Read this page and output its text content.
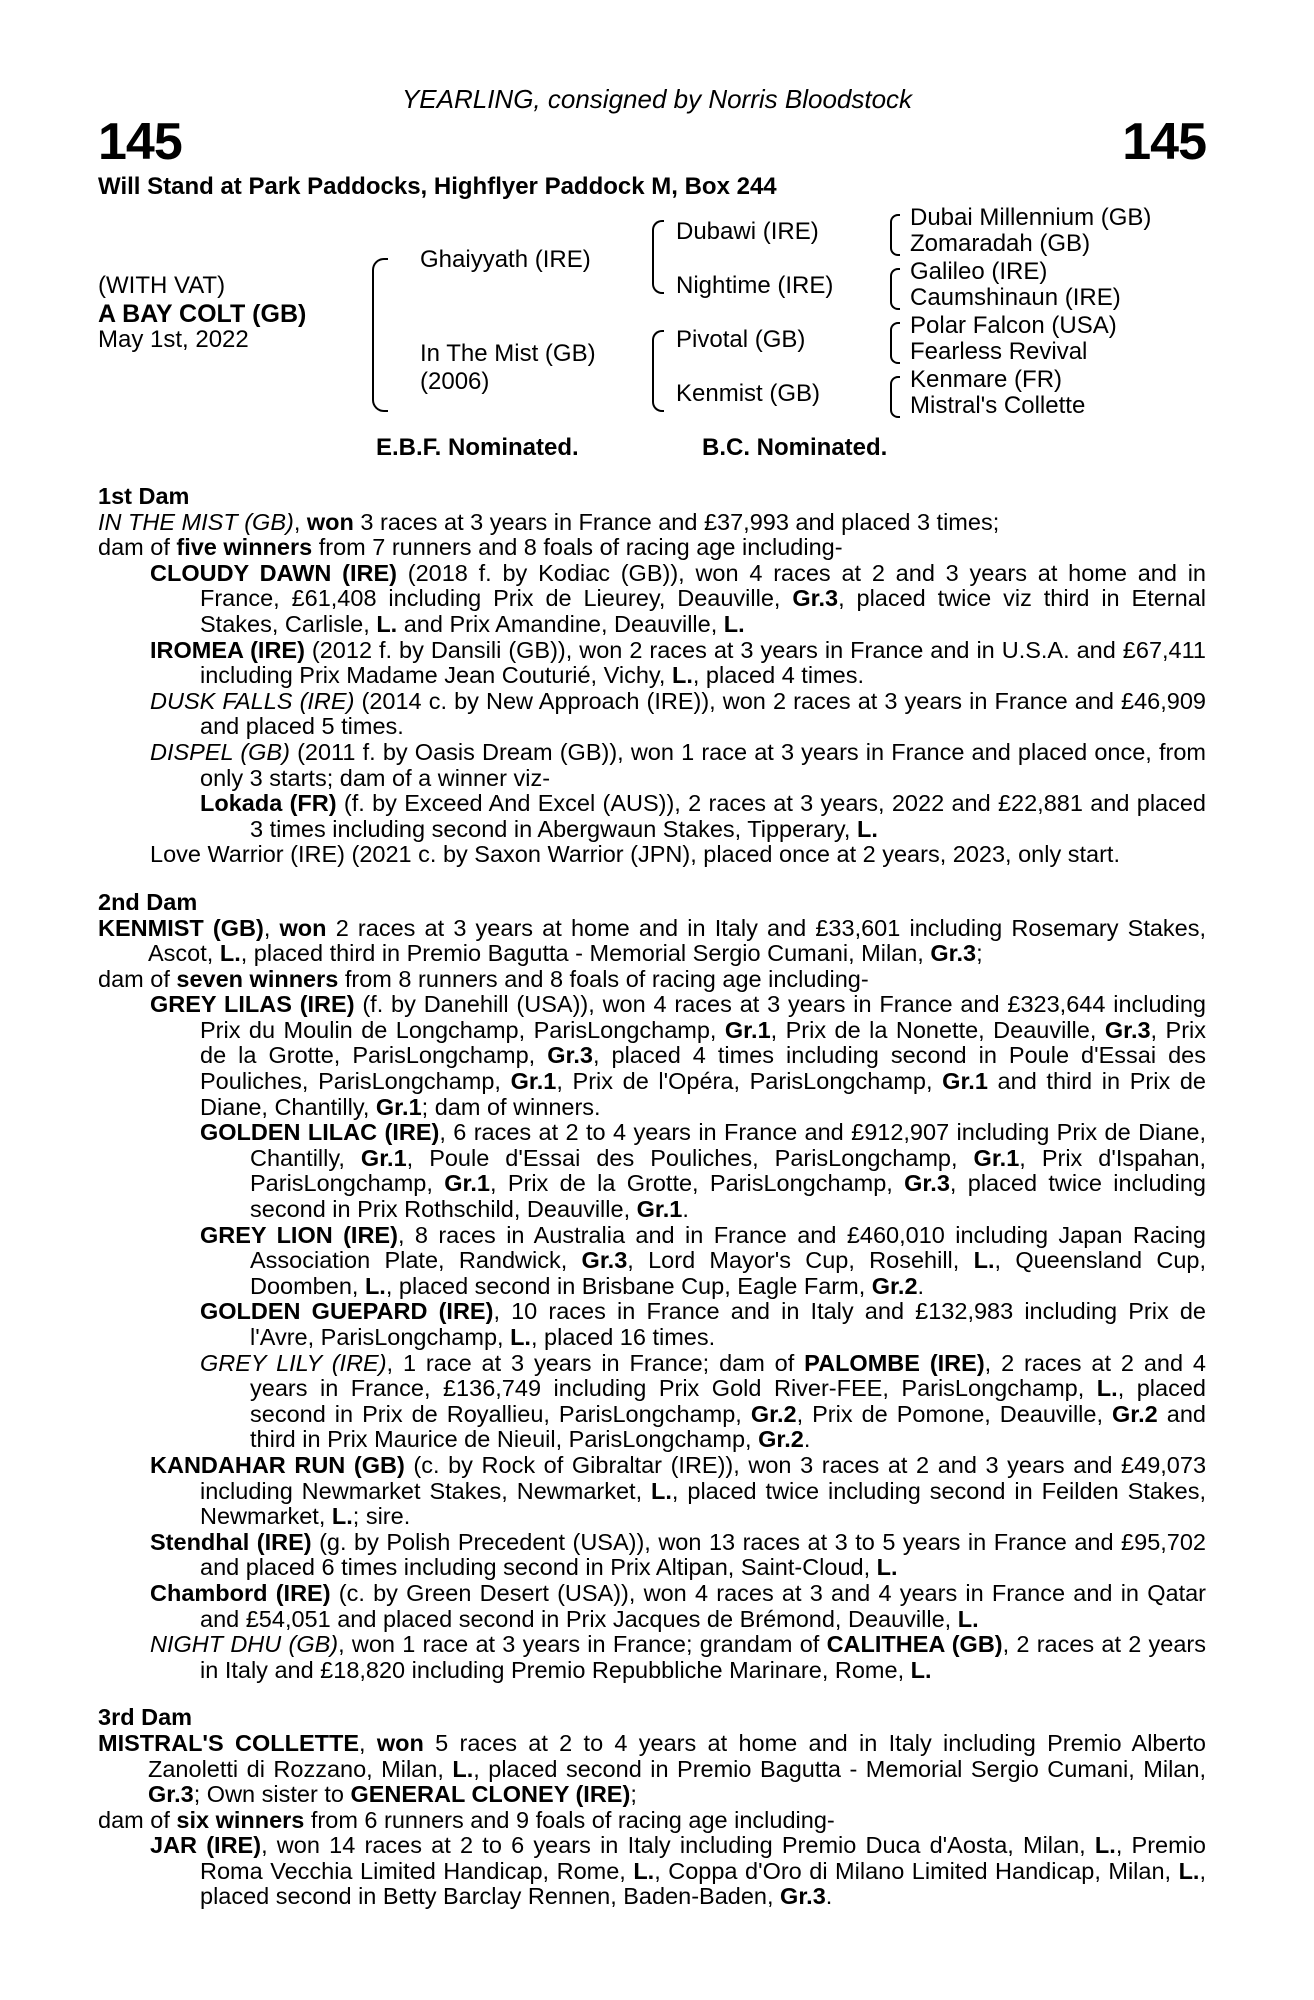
YEARLING, consigned by Norris Bloodstock
145	145
Will Stand at Park Paddocks, Highflyer Paddock M, Box 244
(WITH VAT)
A BAY COLT (GB)
May 1st, 2022
Ghaiyyath (IRE)
In The Mist (GB)
(2006)
Dubawi (IRE)
Nightime (IRE)
Pivotal (GB)
Kenmist (GB)
Dubai Millennium (GB)
Zomaradah (GB)
Galileo (IRE)
Caumshinaun (IRE)
Polar Falcon (USA)
Fearless Revival
Kenmare (FR)
Mistral's Collette
E.B.F. Nominated.	B.C. Nominated.
1st Dam
IN THE MIST (GB), won 3 races at 3 years in France and £37,993 and placed 3 times;
dam of five winners from 7 runners and 8 foals of racing age including-
CLOUDY DAWN (IRE) (2018 f. by Kodiac (GB)), won 4 races at 2 and 3 years at home and in France, £61,408 including Prix de Lieurey, Deauville, Gr.3, placed twice viz third in Eternal Stakes, Carlisle, L. and Prix Amandine, Deauville, L.
IROMEA (IRE) (2012 f. by Dansili (GB)), won 2 races at 3 years in France and in U.S.A. and £67,411 including Prix Madame Jean Couturié, Vichy, L., placed 4 times.
DUSK FALLS (IRE) (2014 c. by New Approach (IRE)), won 2 races at 3 years in France and £46,909 and placed 5 times.
DISPEL (GB) (2011 f. by Oasis Dream (GB)), won 1 race at 3 years in France and placed once, from only 3 starts; dam of a winner viz-
Lokada (FR) (f. by Exceed And Excel (AUS)), 2 races at 3 years, 2022 and £22,881 and placed 3 times including second in Abergwaun Stakes, Tipperary, L.
Love Warrior (IRE) (2021 c. by Saxon Warrior (JPN), placed once at 2 years, 2023, only start.
2nd Dam
KENMIST (GB), won 2 races at 3 years at home and in Italy and £33,601 including Rosemary Stakes, Ascot, L., placed third in Premio Bagutta - Memorial Sergio Cumani, Milan, Gr.3;
dam of seven winners from 8 runners and 8 foals of racing age including-
GREY LILAS (IRE) (f. by Danehill (USA)), won 4 races at 3 years in France and £323,644 including Prix du Moulin de Longchamp, ParisLongchamp, Gr.1, Prix de la Nonette, Deauville, Gr.3, Prix de la Grotte, ParisLongchamp, Gr.3, placed 4 times including second in Poule d'Essai des Pouliches, ParisLongchamp, Gr.1, Prix de l'Opéra, ParisLongchamp, Gr.1 and third in Prix de Diane, Chantilly, Gr.1; dam of winners.
GOLDEN LILAC (IRE), 6 races at 2 to 4 years in France and £912,907 including Prix de Diane, Chantilly, Gr.1, Poule d'Essai des Pouliches, ParisLongchamp, Gr.1, Prix d'Ispahan, ParisLongchamp, Gr.1, Prix de la Grotte, ParisLongchamp, Gr.3, placed twice including second in Prix Rothschild, Deauville, Gr.1.
GREY LION (IRE), 8 races in Australia and in France and £460,010 including Japan Racing Association Plate, Randwick, Gr.3, Lord Mayor's Cup, Rosehill, L., Queensland Cup, Doomben, L., placed second in Brisbane Cup, Eagle Farm, Gr.2.
GOLDEN GUEPARD (IRE), 10 races in France and in Italy and £132,983 including Prix de l'Avre, ParisLongchamp, L., placed 16 times.
GREY LILY (IRE), 1 race at 3 years in France; dam of PALOMBE (IRE), 2 races at 2 and 4 years in France, £136,749 including Prix Gold River-FEE, ParisLongchamp, L., placed second in Prix de Royallieu, ParisLongchamp, Gr.2, Prix de Pomone, Deauville, Gr.2 and third in Prix Maurice de Nieuil, ParisLongchamp, Gr.2.
KANDAHAR RUN (GB) (c. by Rock of Gibraltar (IRE)), won 3 races at 2 and 3 years and £49,073 including Newmarket Stakes, Newmarket, L., placed twice including second in Feilden Stakes, Newmarket, L.; sire.
Stendhal (IRE) (g. by Polish Precedent (USA)), won 13 races at 3 to 5 years in France and £95,702 and placed 6 times including second in Prix Altipan, Saint-Cloud, L.
Chambord (IRE) (c. by Green Desert (USA)), won 4 races at 3 and 4 years in France and in Qatar and £54,051 and placed second in Prix Jacques de Brémond, Deauville, L.
NIGHT DHU (GB), won 1 race at 3 years in France; grandam of CALITHEA (GB), 2 races at 2 years in Italy and £18,820 including Premio Repubbliche Marinare, Rome, L.
3rd Dam
MISTRAL'S COLLETTE, won 5 races at 2 to 4 years at home and in Italy including Premio Alberto Zanoletti di Rozzano, Milan, L., placed second in Premio Bagutta - Memorial Sergio Cumani, Milan, Gr.3; Own sister to GENERAL CLONEY (IRE);
dam of six winners from 6 runners and 9 foals of racing age including-
JAR (IRE), won 14 races at 2 to 6 years in Italy including Premio Duca d'Aosta, Milan, L., Premio Roma Vecchia Limited Handicap, Rome, L., Coppa d'Oro di Milano Limited Handicap, Milan, L., placed second in Betty Barclay Rennen, Baden-Baden, Gr.3.
